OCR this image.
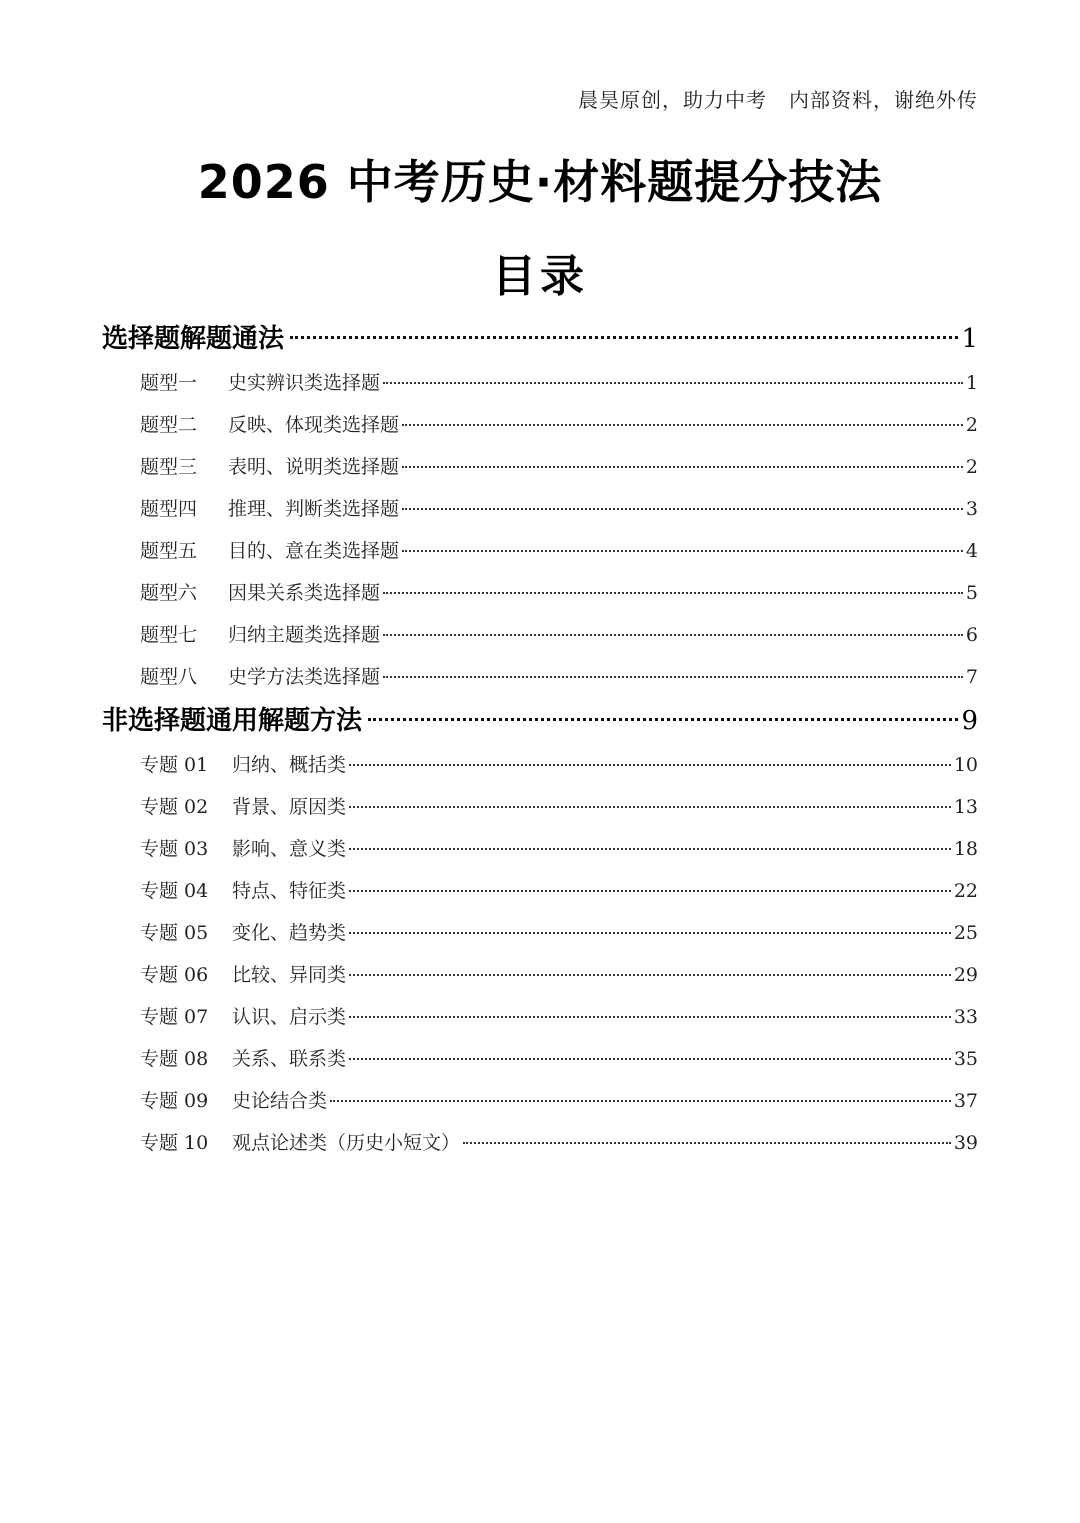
晨昊原创，助力中考 内部资料，谢绝外传
2026 中考历史·材料题提分技法
目录
选择题解题通法	1
题型一	史实辨识类选择题	1
题型二	反映、体现类选择题	2
题型三	表明、说明类选择题	2
题型四	推理、判断类选择题	3
题型五	目的、意在类选择题	4
题型六	因果关系类选择题	5
题型七	归纳主题类选择题	6
题型八	史学方法类选择题	7
非选择题通用解题方法	9
专题 01	归纳、概括类	10
专题 02	背景、原因类	13
专题 03	影响、意义类	18
专题 04	特点、特征类	22
专题 05	变化、趋势类	25
专题 06	比较、异同类	29
专题 07	认识、启示类	33
专题 08	关系、联系类	35
专题 09	史论结合类	37
专题 10	观点论述类（历史小短文）	39
